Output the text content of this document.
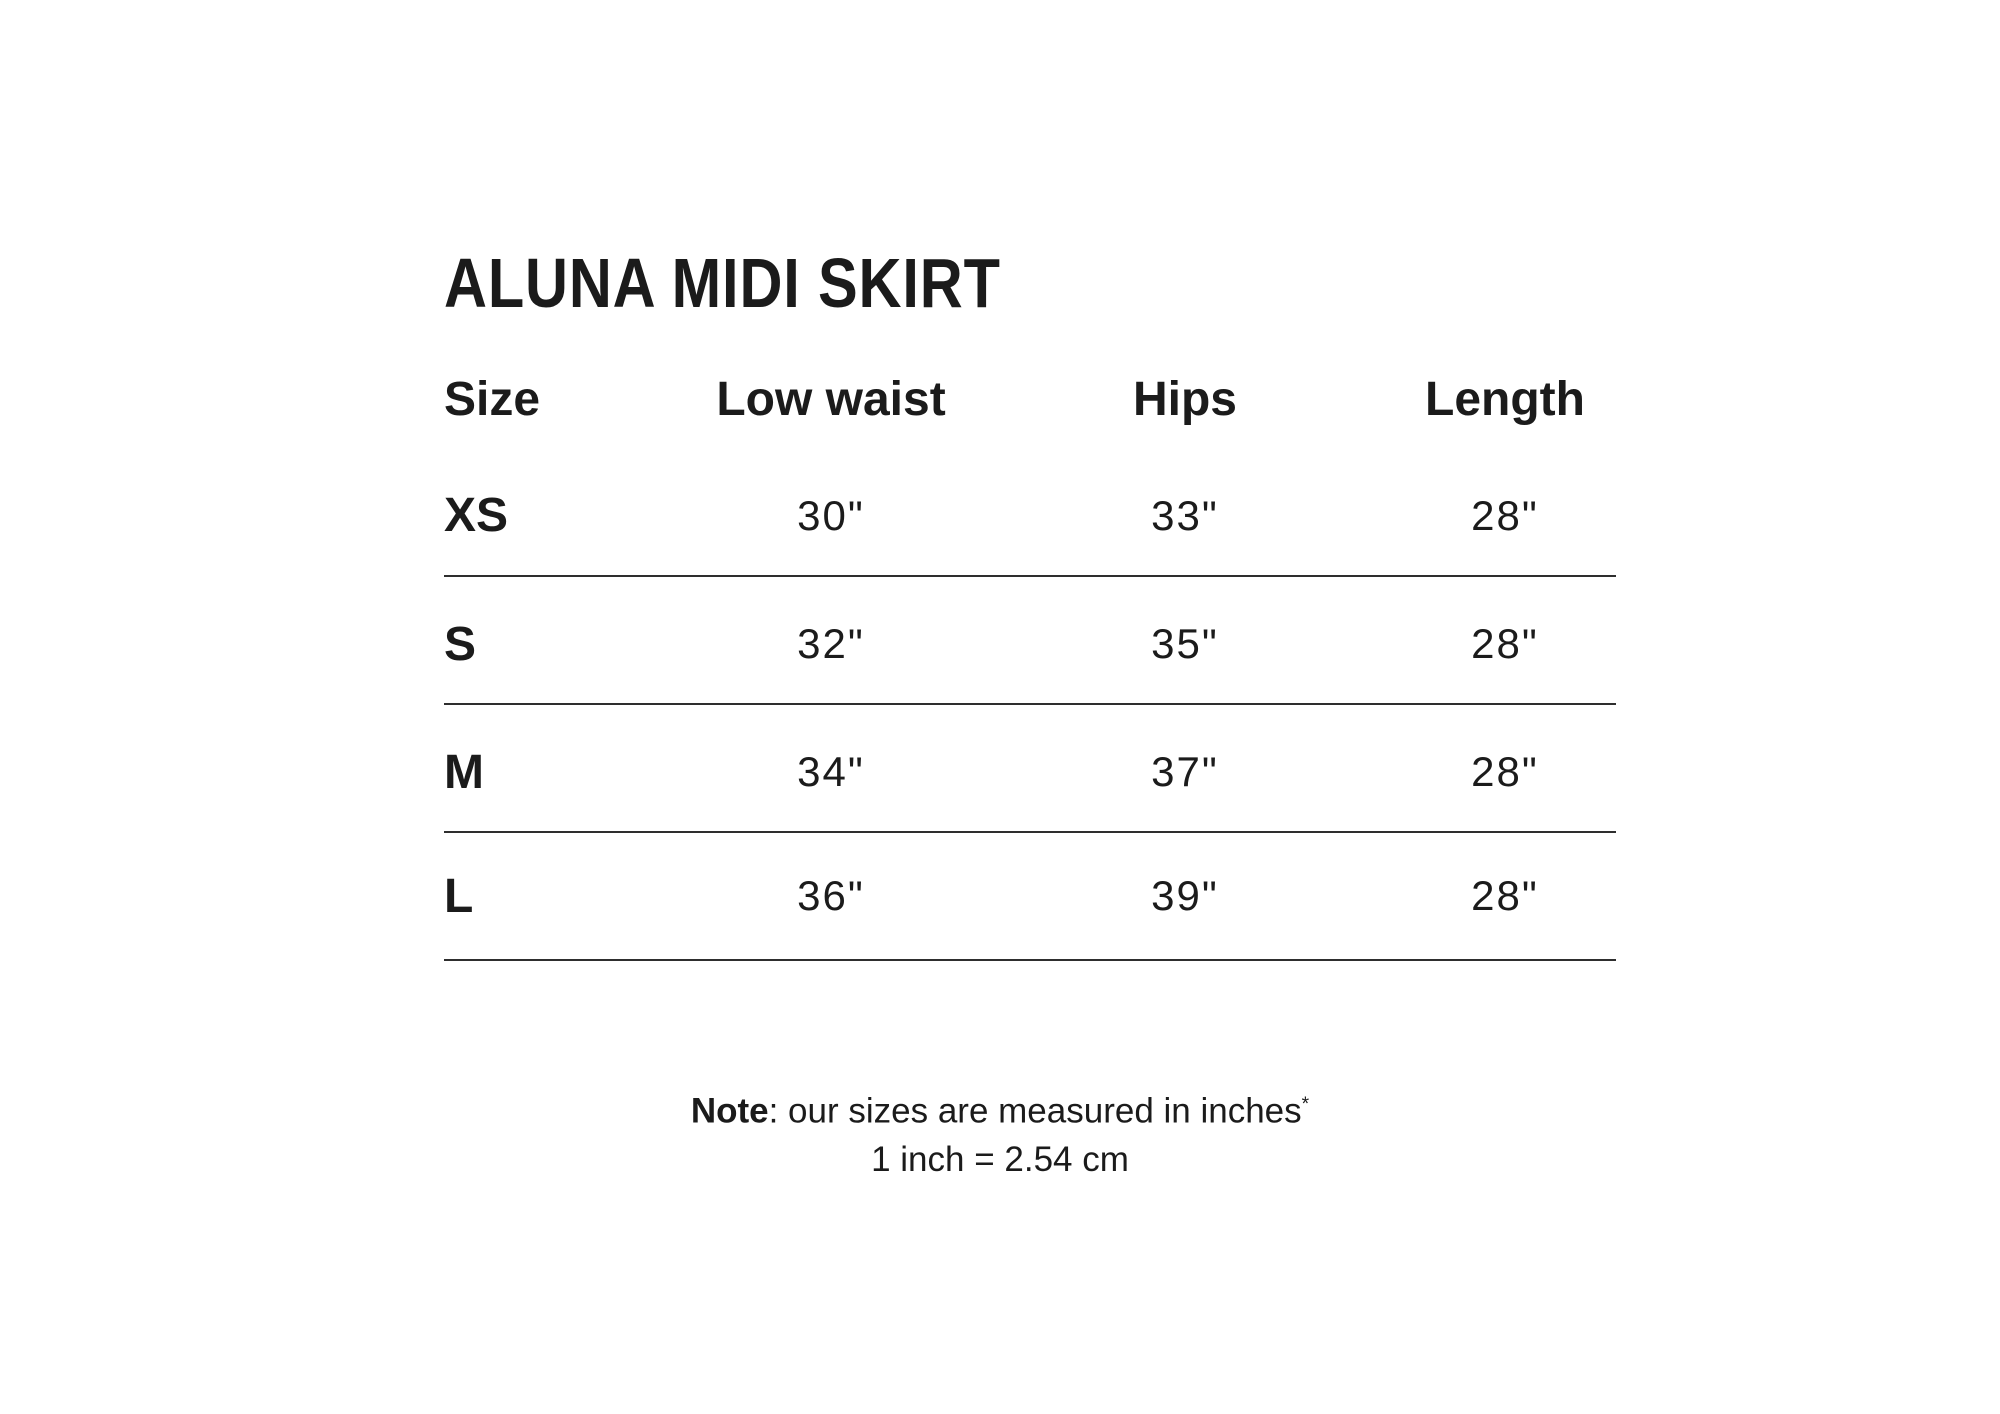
ALUNA MIDI SKIRT
Size	Low waist	Hips	Length
XS	30"	33"	28"
S	32"	35"	28"
M	34"	37"	28"
L	36"	39"	28"
Note: our sizes are measured in inches*
1 inch = 2.54 cm
